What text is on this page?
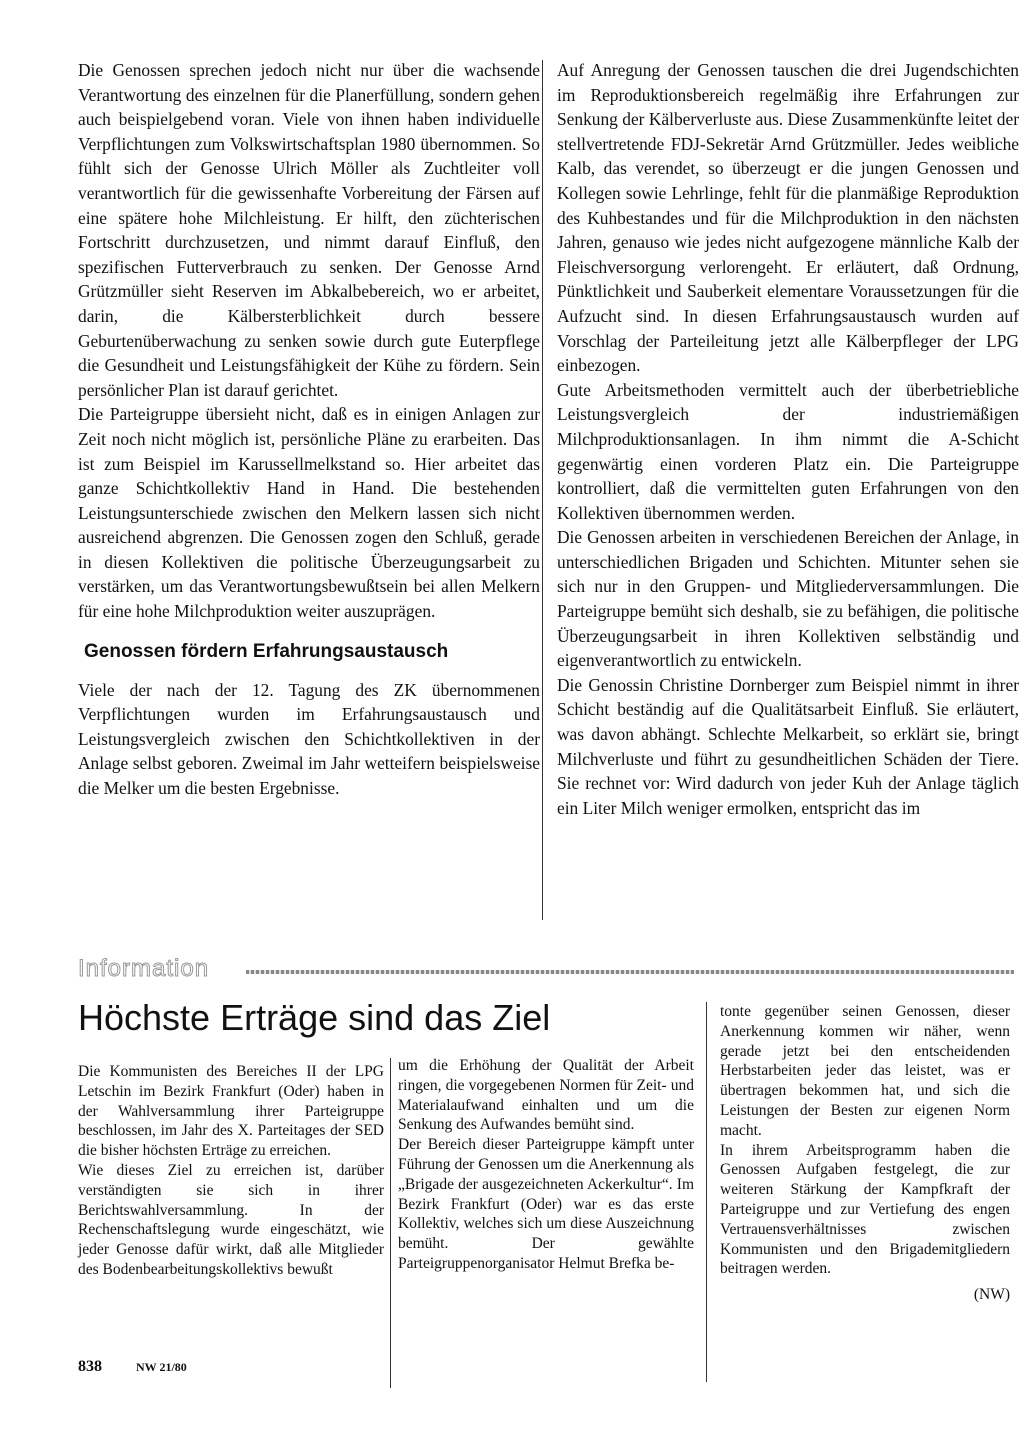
Die Genossen sprechen jedoch nicht nur über die wachsende Verantwortung des einzelnen für die Planerfüllung, sondern gehen auch beispielgebend voran. Viele von ihnen haben individuelle Verpflichtungen zum Volkswirtschaftsplan 1980 übernommen. So fühlt sich der Genosse Ulrich Möller als Zuchtleiter voll verantwortlich für die gewissenhafte Vorbereitung der Färsen auf eine spätere hohe Milchleistung. Er hilft, den züchterischen Fortschritt durchzusetzen, und nimmt darauf Einfluß, den spezifischen Futterverbrauch zu senken. Der Genosse Arnd Grützmüller sieht Reserven im Abkalbebereich, wo er arbeitet, darin, die Kälbersterblichkeit durch bessere Geburtenüberwachung zu senken sowie durch gute Euterpflege die Gesundheit und Leistungsfähigkeit der Kühe zu fördern. Sein persönlicher Plan ist darauf gerichtet.

Die Parteigruppe übersieht nicht, daß es in einigen Anlagen zur Zeit noch nicht möglich ist, persönliche Pläne zu erarbeiten. Das ist zum Beispiel im Karussellmelkstand so. Hier arbeitet das ganze Schichtkollektiv Hand in Hand. Die bestehenden Leistungsunterschiede zwischen den Melkern lassen sich nicht ausreichend abgrenzen. Die Genossen zogen den Schluß, gerade in diesen Kollektiven die politische Überzeugungsarbeit zu verstärken, um das Verantwortungsbewußtsein bei allen Melkern für eine hohe Milchproduktion weiter auszuprägen.

Genossen fördern Erfahrungsaustausch

Viele der nach der 12. Tagung des ZK übernommenen Verpflichtungen wurden im Erfahrungsaustausch und Leistungsvergleich zwischen den Schichtkollektiven in der Anlage selbst geboren. Zweimal im Jahr wetteifern beispielsweise die Melker um die besten Ergebnisse.

Auf Anregung der Genossen tauschen die drei Jugendschichten im Reproduktionsbereich regelmäßig ihre Erfahrungen zur Senkung der Kälberverluste aus. Diese Zusammenkünfte leitet der stellvertretende FDJ-Sekretär Arnd Grützmüller. Jedes weibliche Kalb, das verendet, so überzeugt er die jungen Genossen und Kollegen sowie Lehrlinge, fehlt für die planmäßige Reproduktion des Kuhbestandes und für die Milchproduktion in den nächsten Jahren, genauso wie jedes nicht aufgezogene männliche Kalb der Fleischversorgung verlorengeht. Er erläutert, daß Ordnung, Pünktlichkeit und Sauberkeit elementare Voraussetzungen für die Aufzucht sind. In diesen Erfahrungsaustausch wurden auf Vorschlag der Parteileitung jetzt alle Kälberpfleger der LPG einbezogen.

Gute Arbeitsmethoden vermittelt auch der überbetriebliche Leistungsvergleich der industriemäßigen Milchproduktionsanlagen. In ihm nimmt die A-Schicht gegenwärtig einen vorderen Platz ein. Die Parteigruppe kontrolliert, daß die vermittelten guten Erfahrungen von den Kollektiven übernommen werden.

Die Genossen arbeiten in verschiedenen Bereichen der Anlage, in unterschiedlichen Brigaden und Schichten. Mitunter sehen sie sich nur in den Gruppen- und Mitgliederversammlungen. Die Parteigruppe bemüht sich deshalb, sie zu befähigen, die politische Überzeugungsarbeit in ihren Kollektiven selbständig und eigenverantwortlich zu entwickeln.

Die Genossin Christine Dornberger zum Beispiel nimmt in ihrer Schicht beständig auf die Qualitätsarbeit Einfluß. Sie erläutert, was davon abhängt. Schlechte Melkarbeit, so erklärt sie, bringt Milchverluste und führt zu gesundheitlichen Schäden der Tiere. Sie rechnet vor: Wird dadurch von jeder Kuh der Anlage täglich ein Liter Milch weniger ermolken, entspricht das im

Information
Höchste Erträge sind das Ziel

Die Kommunisten des Bereiches II der LPG Letschin im Bezirk Frankfurt (Oder) haben in der Wahlversammlung ihrer Parteigruppe beschlossen, im Jahr des X. Parteitages der SED die bisher höchsten Erträge zu erreichen.

Wie dieses Ziel zu erreichen ist, darüber verständigten sie sich in ihrer Berichtswahlversammlung. In der Rechenschaftslegung wurde eingeschätzt, wie jeder Genosse dafür wirkt, daß alle Mitglieder des Bodenbearbeitungskollektivs bewußt

um die Erhöhung der Qualität der Arbeit ringen, die vorgegebenen Normen für Zeit- und Materialaufwand einhalten und um die Senkung des Aufwandes bemüht sind.

Der Bereich dieser Parteigruppe kämpft unter Führung der Genossen um die Anerkennung als „Brigade der ausgezeichneten Ackerkultur“. Im Bezirk Frankfurt (Oder) war es das erste Kollektiv, welches sich um diese Auszeichnung bemüht. Der gewählte Parteigruppenorganisator Helmut Brefka be-

tonte gegenüber seinen Genossen, dieser Anerkennung kommen wir näher, wenn gerade jetzt bei den entscheidenden Herbstarbeiten jeder das leistet, was er übertragen bekommen hat, und sich die Leistungen der Besten zur eigenen Norm macht.

In ihrem Arbeitsprogramm haben die Genossen Aufgaben festgelegt, die zur weiteren Stärkung der Kampfkraft der Parteigruppe und zur Vertiefung des engen Vertrauensverhältnisses zwischen Kommunisten und den Brigademitgliedern beitragen werden.

(NW)

838	NW 21/80
